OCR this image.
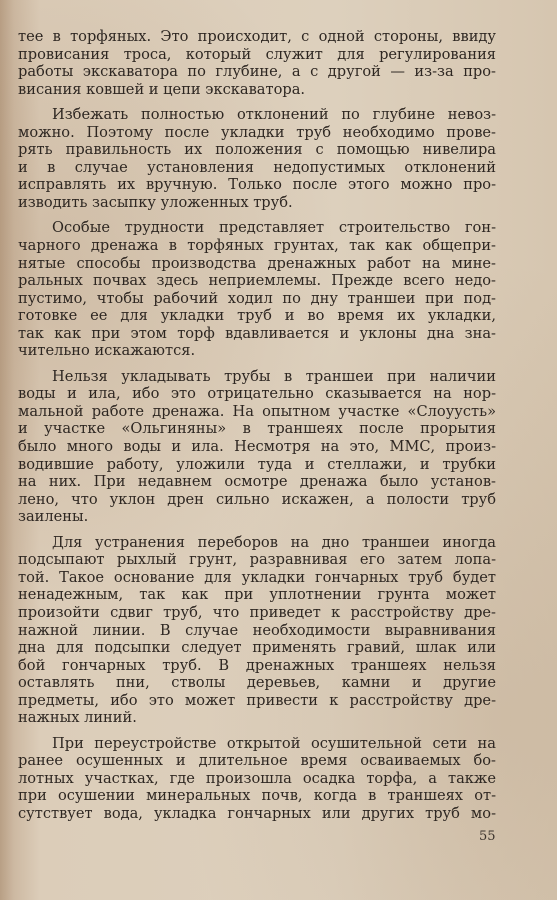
тее в торфяных. Это происходит, с одной стороны, ввиду
провисания троса, который служит для регулирования
работы экскаватора по глубине, а с другой — из-за про-
висания ковшей и цепи экскаватора.
Избежать полностью отклонений по глубине невоз-
можно. Поэтому после укладки труб необходимо прове-
рять правильность их положения с помощью нивелира
и в случае установления недопустимых отклонений
исправлять их вручную. Только после этого можно про-
изводить засыпку уложенных труб.
Особые трудности представляет строительство гон-
чарного дренажа в торфяных грунтах, так как общепри-
нятые способы производства дренажных работ на мине-
ральных почвах здесь неприемлемы. Прежде всего недо-
пустимо, чтобы рабочий ходил по дну траншеи при под-
готовке ее для укладки труб и во время их укладки,
так как при этом торф вдавливается и уклоны дна зна-
чительно искажаются.
Нельзя укладывать трубы в траншеи при наличии
воды и ила, ибо это отрицательно сказывается на нор-
мальной работе дренажа. На опытном участке «Слоуусть»
и участке «Ольгиняны» в траншеях после прорытия
было много воды и ила. Несмотря на это, ММС, произ-
водившие работу, уложили туда и стеллажи, и трубки
на них. При недавнем осмотре дренажа было установ-
лено, что уклон дрен сильно искажен, а полости труб
заилены.
Для устранения переборов на дно траншеи иногда
подсыпают рыхлый грунт, разравнивая его затем лопа-
той. Такое основание для укладки гончарных труб будет
ненадежным, так как при уплотнении грунта может
произойти сдвиг труб, что приведет к расстройству дре-
нажной линии. В случае необходимости выравнивания
дна для подсыпки следует применять гравий, шлак или
бой гончарных труб. В дренажных траншеях нельзя
оставлять пни, стволы деревьев, камни и другие
предметы, ибо это может привести к расстройству дре-
нажных линий.
При переустройстве открытой осушительной сети на
ранее осушенных и длительное время осваиваемых бо-
лотных участках, где произошла осадка торфа, а также
при осушении минеральных почв, когда в траншеях от-
сутствует вода, укладка гончарных или других труб мо-
55
